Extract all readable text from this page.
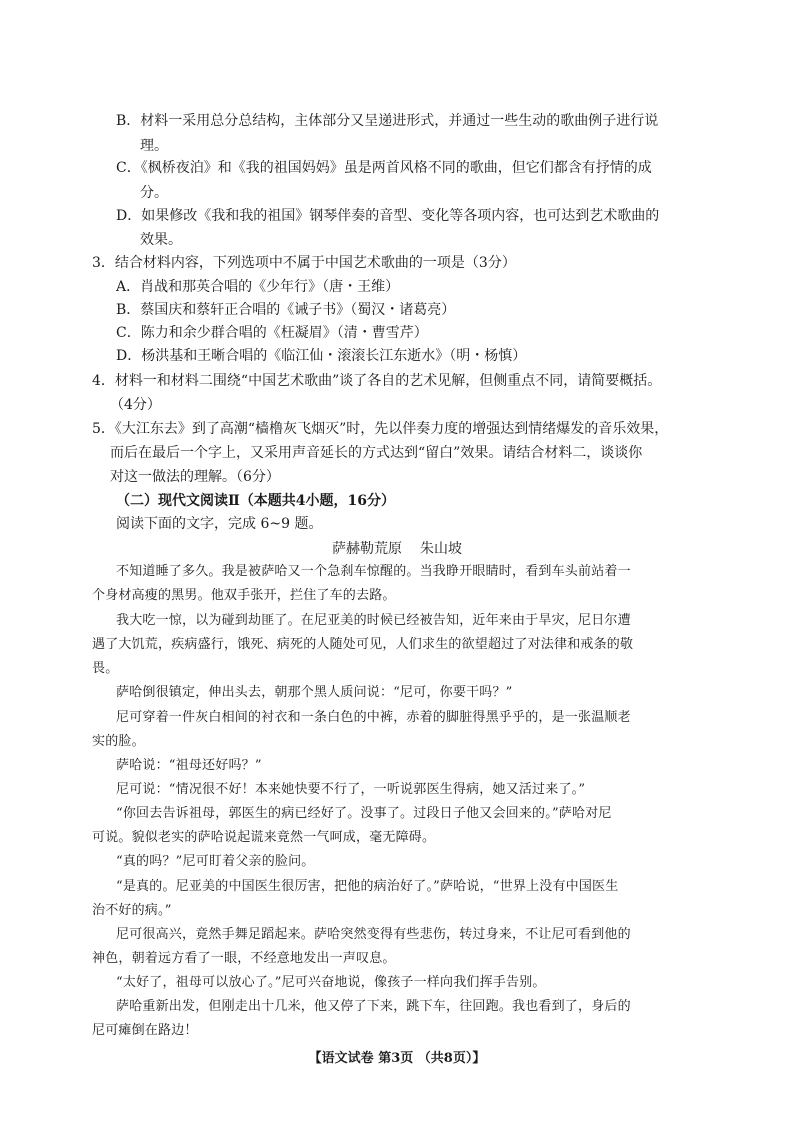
B．材料一采用总分总结构，主体部分又呈递进形式，并通过一些生动的歌曲例子进行说
理。
C．《枫桥夜泊》和《我的祖国妈妈》虽是两首风格不同的歌曲，但它们都含有抒情的成
分。
D．如果修改《我和我的祖国》钢琴伴奏的音型、变化等各项内容，也可达到艺术歌曲的
效果。
3．结合材料内容，下列选项中不属于中国艺术歌曲的一项是（3分）
A．肖战和那英合唱的《少年行》（唐・王维）
B．蔡国庆和蔡轩正合唱的《诫子书》（蜀汉・诸葛亮）
C．陈力和余少群合唱的《枉凝眉》（清・曹雪芹）
D．杨洪基和王晰合唱的《临江仙・滚滚长江东逝水》（明・杨慎）
4．材料一和材料二围绕“中国艺术歌曲”谈了各自的艺术见解，但侧重点不同，请简要概括。
（4分）
5．《大江东去》到了高潮“樯橹灰飞烟灭”时，先以伴奏力度的增强达到情绪爆发的音乐效果，
而后在最后一个字上，又采用声音延长的方式达到“留白”效果。请结合材料二，谈谈你
对这一做法的理解。（6分）
（二）现代文阅读Ⅱ（本题共4小题，16分）
阅读下面的文字，完成 6~9 题。
萨赫勒荒原 朱山坡
不知道睡了多久。我是被萨哈又一个急刹车惊醒的。当我睁开眼睛时，看到车头前站着一
个身材高瘦的黑男。他双手张开，拦住了车的去路。
我大吃一惊，以为碰到劫匪了。在尼亚美的时候已经被告知，近年来由于旱灾，尼日尔遭
遇了大饥荒，疾病盛行，饿死、病死的人随处可见，人们求生的欲望超过了对法律和戒条的敬
畏。
萨哈倒很镇定，伸出头去，朝那个黑人质问说：“尼可，你要干吗？”
尼可穿着一件灰白相间的衬衣和一条白色的中裤，赤着的脚脏得黑乎乎的，是一张温顺老
实的脸。
萨哈说：“祖母还好吗？”
尼可说：“情况很不好！本来她快要不行了，一听说郭医生得病，她又活过来了。”
“你回去告诉祖母，郭医生的病已经好了。没事了。过段日子他又会回来的。”萨哈对尼
可说。貌似老实的萨哈说起谎来竟然一气呵成，毫无障碍。
“真的吗？”尼可盯着父亲的脸问。
“是真的。尼亚美的中国医生很厉害，把他的病治好了。”萨哈说，“世界上没有中国医生
治不好的病。”
尼可很高兴，竟然手舞足蹈起来。萨哈突然变得有些悲伤，转过身来，不让尼可看到他的
神色，朝着远方看了一眼，不经意地发出一声叹息。
“太好了，祖母可以放心了。”尼可兴奋地说，像孩子一样向我们挥手告别。
萨哈重新出发，但刚走出十几米，他又停了下来，跳下车，往回跑。我也看到了，身后的
尼可瘫倒在路边！
【语文试卷 第3页 （共8页）】
